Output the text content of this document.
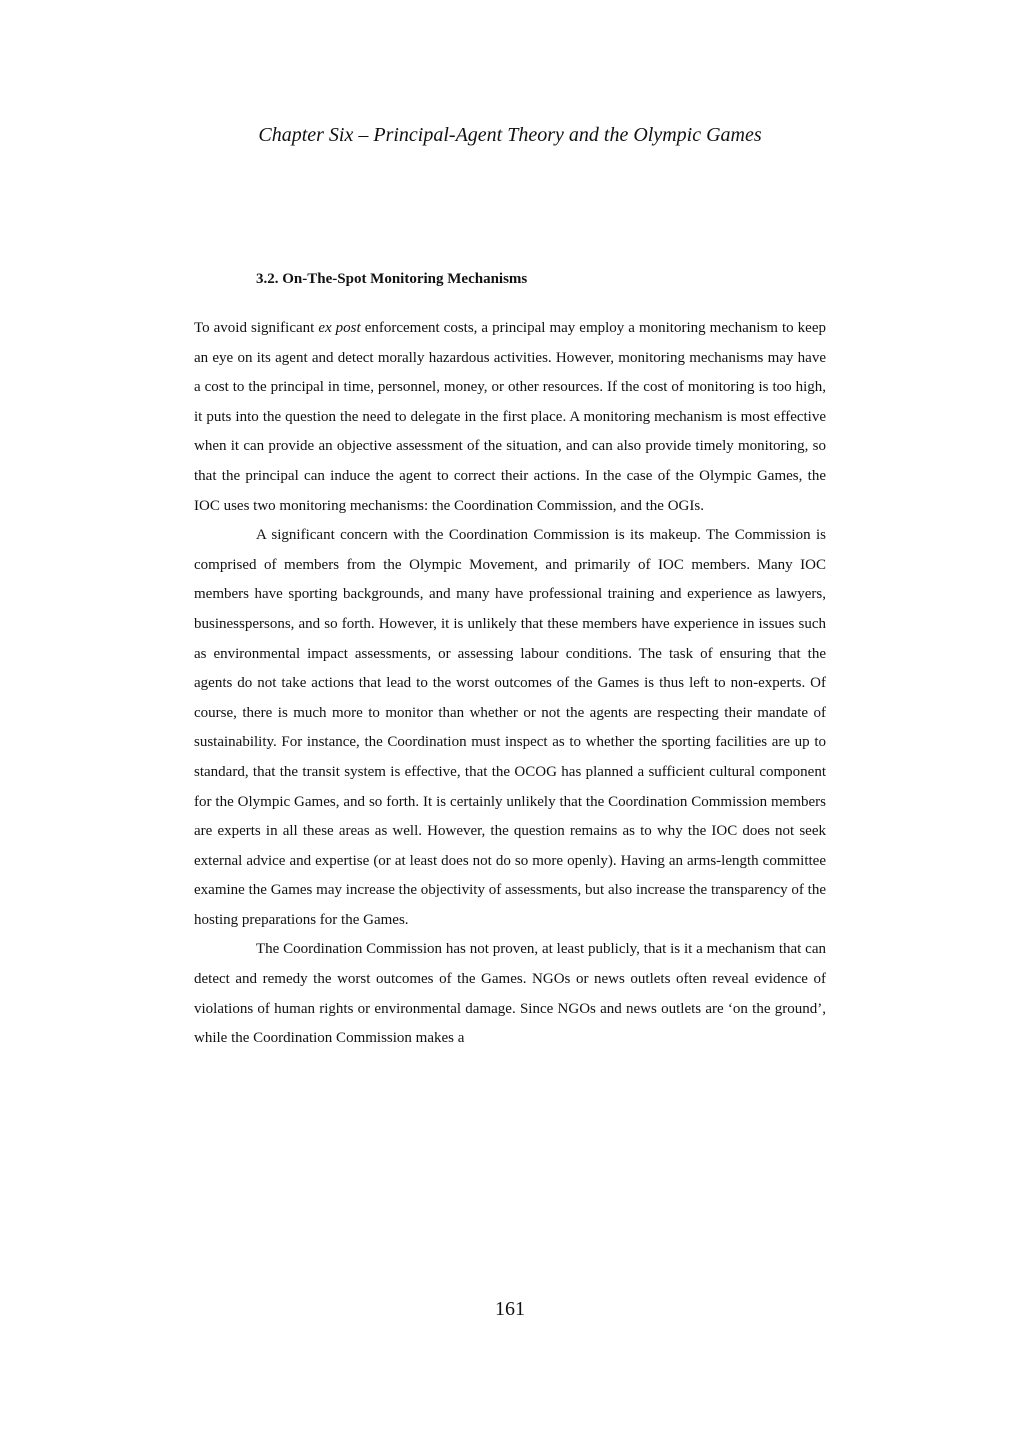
Chapter Six – Principal-Agent Theory and the Olympic Games
3.2. On-The-Spot Monitoring Mechanisms

To avoid significant ex post enforcement costs, a principal may employ a monitoring mechanism to keep an eye on its agent and detect morally hazardous activities. However, monitoring mechanisms may have a cost to the principal in time, personnel, money, or other resources. If the cost of monitoring is too high, it puts into the question the need to delegate in the first place. A monitoring mechanism is most effective when it can provide an objective assessment of the situation, and can also provide timely monitoring, so that the principal can induce the agent to correct their actions. In the case of the Olympic Games, the IOC uses two monitoring mechanisms: the Coordination Commission, and the OGIs.

A significant concern with the Coordination Commission is its makeup. The Commission is comprised of members from the Olympic Movement, and primarily of IOC members. Many IOC members have sporting backgrounds, and many have professional training and experience as lawyers, businesspersons, and so forth. However, it is unlikely that these members have experience in issues such as environmental impact assessments, or assessing labour conditions. The task of ensuring that the agents do not take actions that lead to the worst outcomes of the Games is thus left to non-experts. Of course, there is much more to monitor than whether or not the agents are respecting their mandate of sustainability. For instance, the Coordination must inspect as to whether the sporting facilities are up to standard, that the transit system is effective, that the OCOG has planned a sufficient cultural component for the Olympic Games, and so forth. It is certainly unlikely that the Coordination Commission members are experts in all these areas as well. However, the question remains as to why the IOC does not seek external advice and expertise (or at least does not do so more openly). Having an arms-length committee examine the Games may increase the objectivity of assessments, but also increase the transparency of the hosting preparations for the Games.

The Coordination Commission has not proven, at least publicly, that is it a mechanism that can detect and remedy the worst outcomes of the Games. NGOs or news outlets often reveal evidence of violations of human rights or environmental damage. Since NGOs and news outlets are ‘on the ground’, while the Coordination Commission makes a

161
